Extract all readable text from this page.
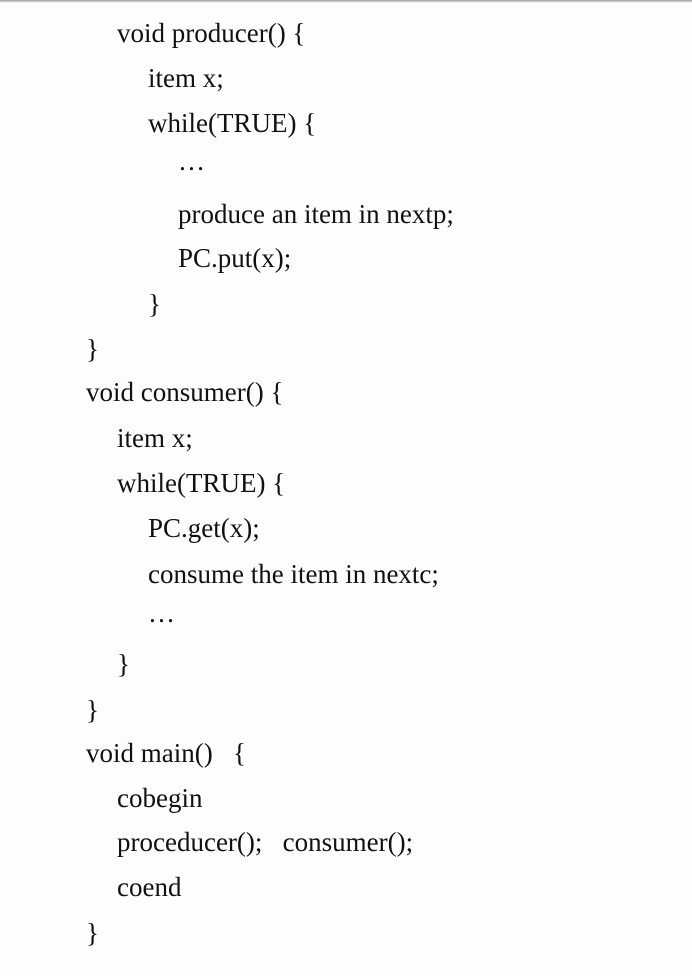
void producer() {
item x;
while(TRUE) {
…
produce an item in nextp;
PC.put(x);
}
}
void consumer() {
item x;
while(TRUE) {
PC.get(x);
consume the item in nextc;
…
}
}
void main()   {
cobegin
proceducer();   consumer();
coend
}
